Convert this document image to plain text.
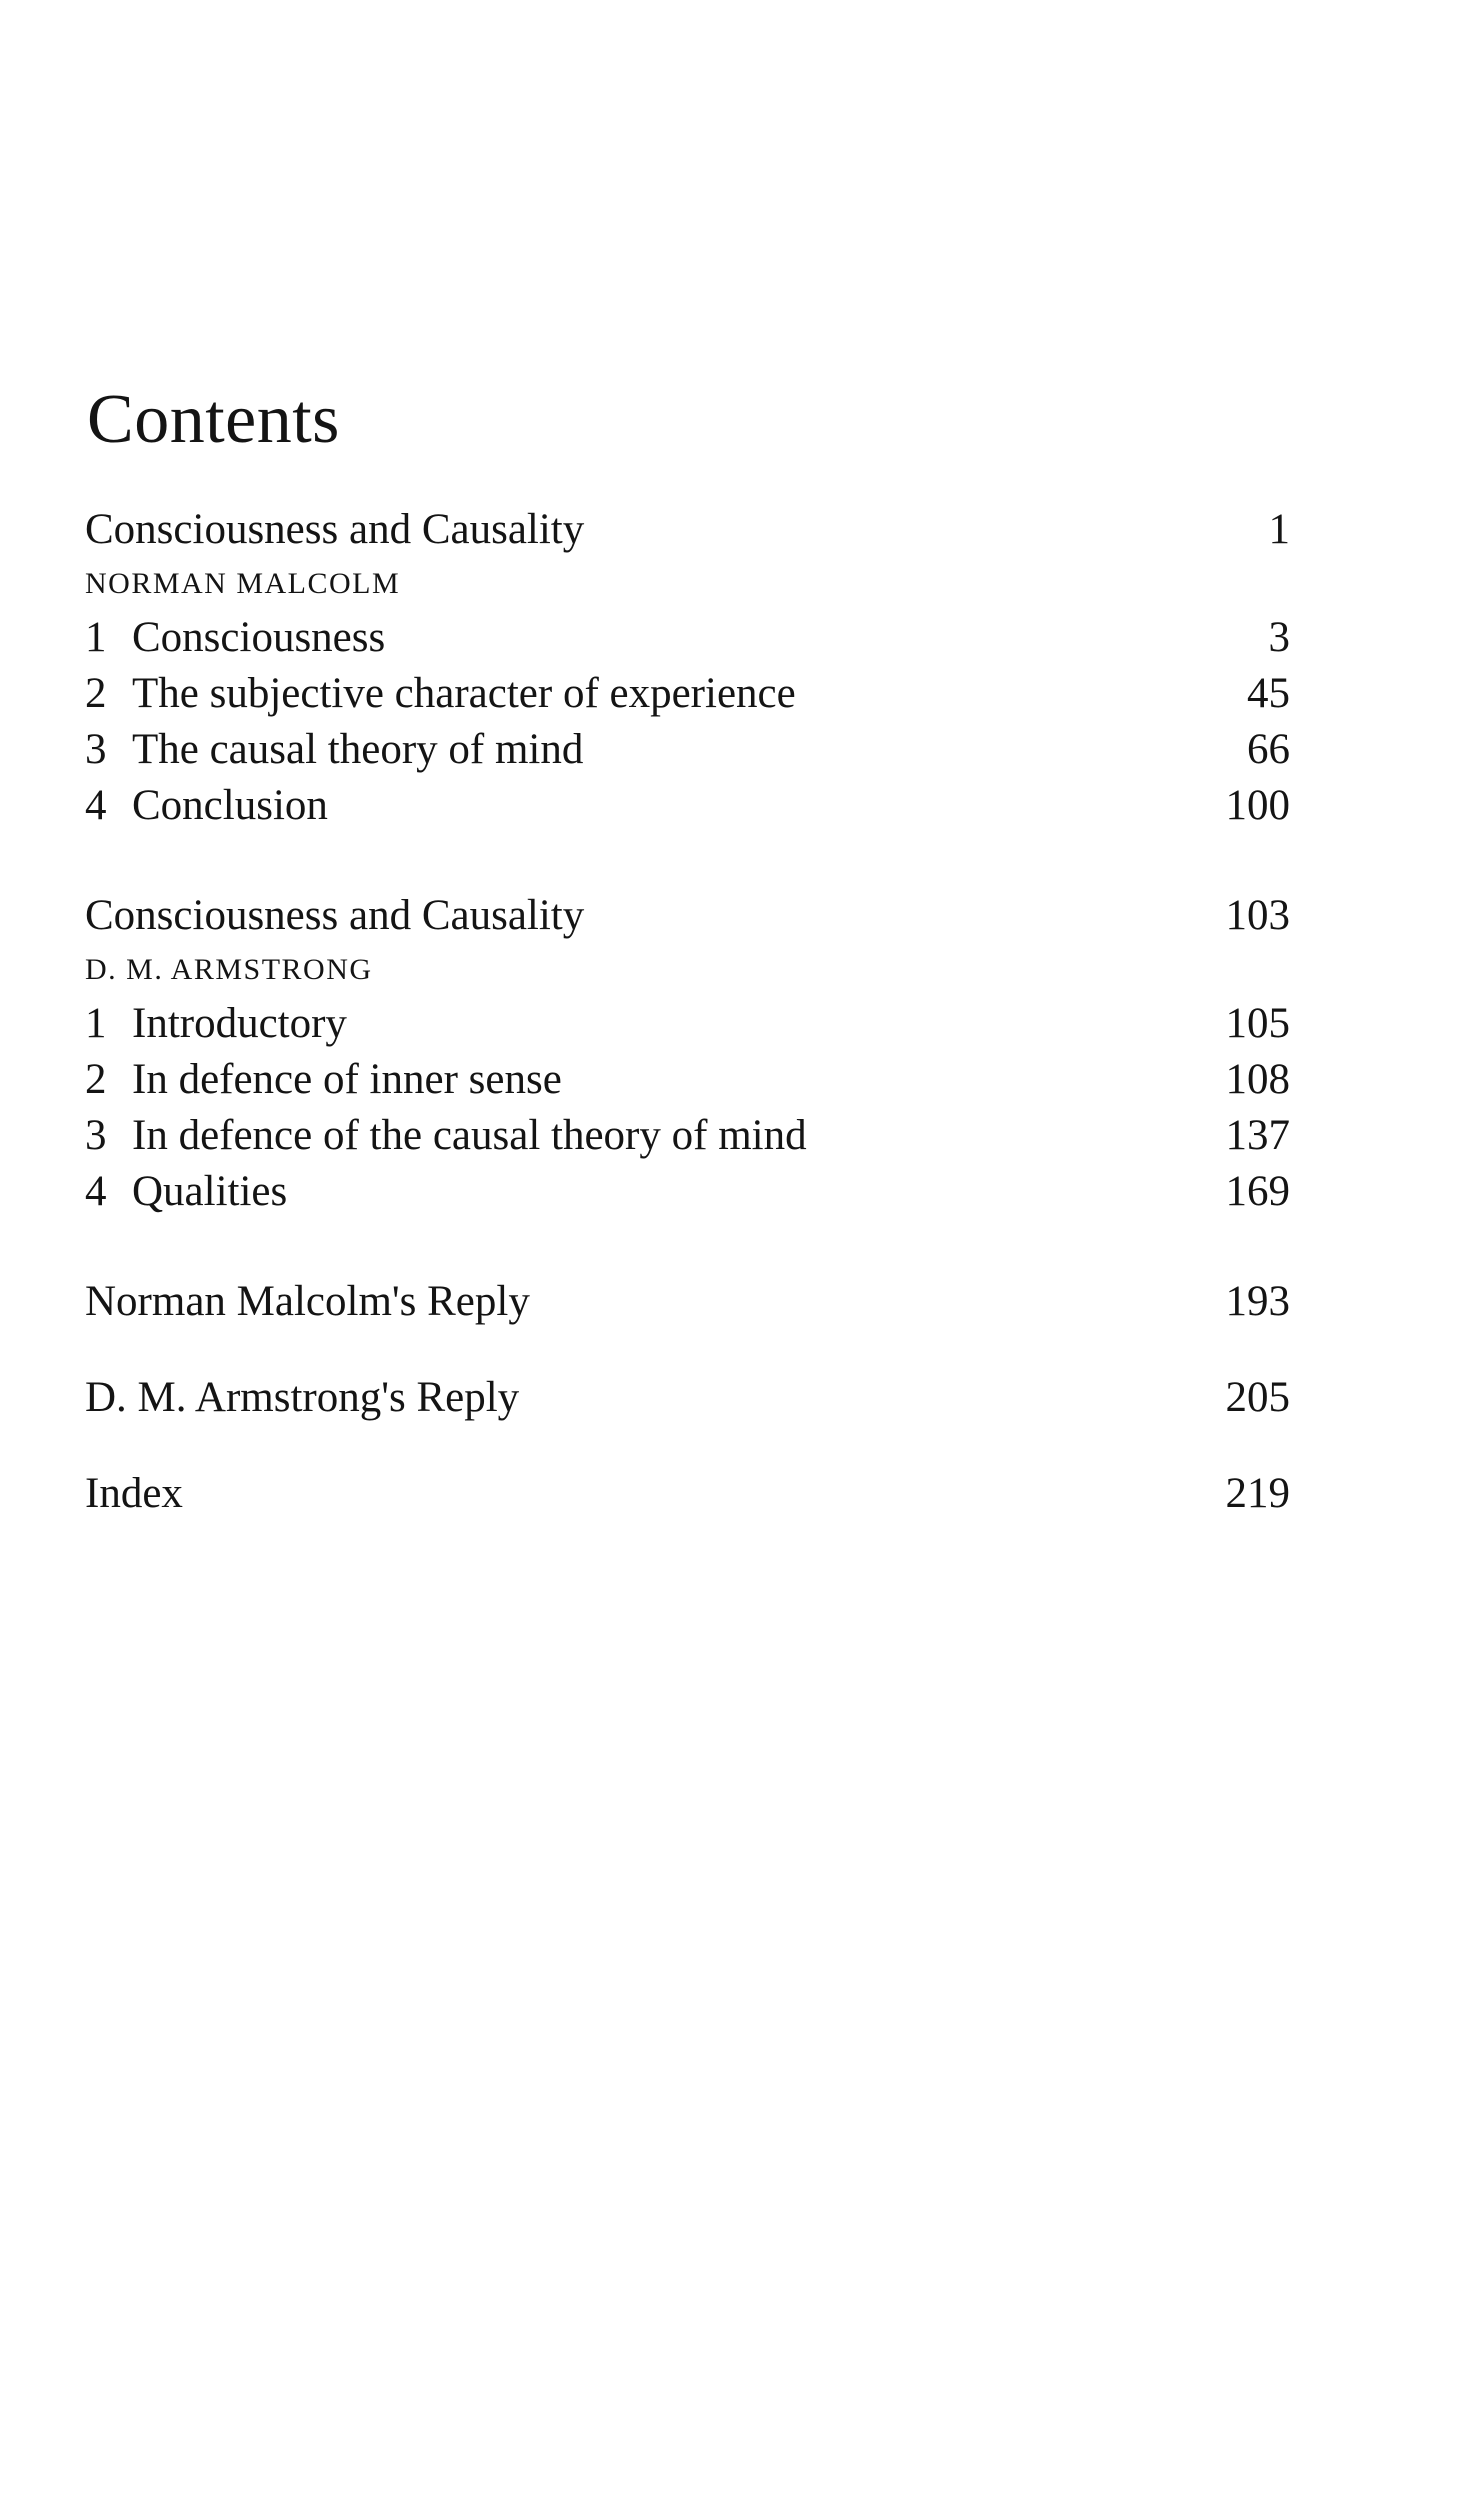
Contents
Consciousness and Causality	1
NORMAN MALCOLM
1 Consciousness	3
2 The subjective character of experience	45
3 The causal theory of mind	66
4 Conclusion	100
Consciousness and Causality	103
D. M. ARMSTRONG
1 Introductory	105
2 In defence of inner sense	108
3 In defence of the causal theory of mind	137
4 Qualities	169
Norman Malcolm's Reply	193
D. M. Armstrong's Reply	205
Index	219
